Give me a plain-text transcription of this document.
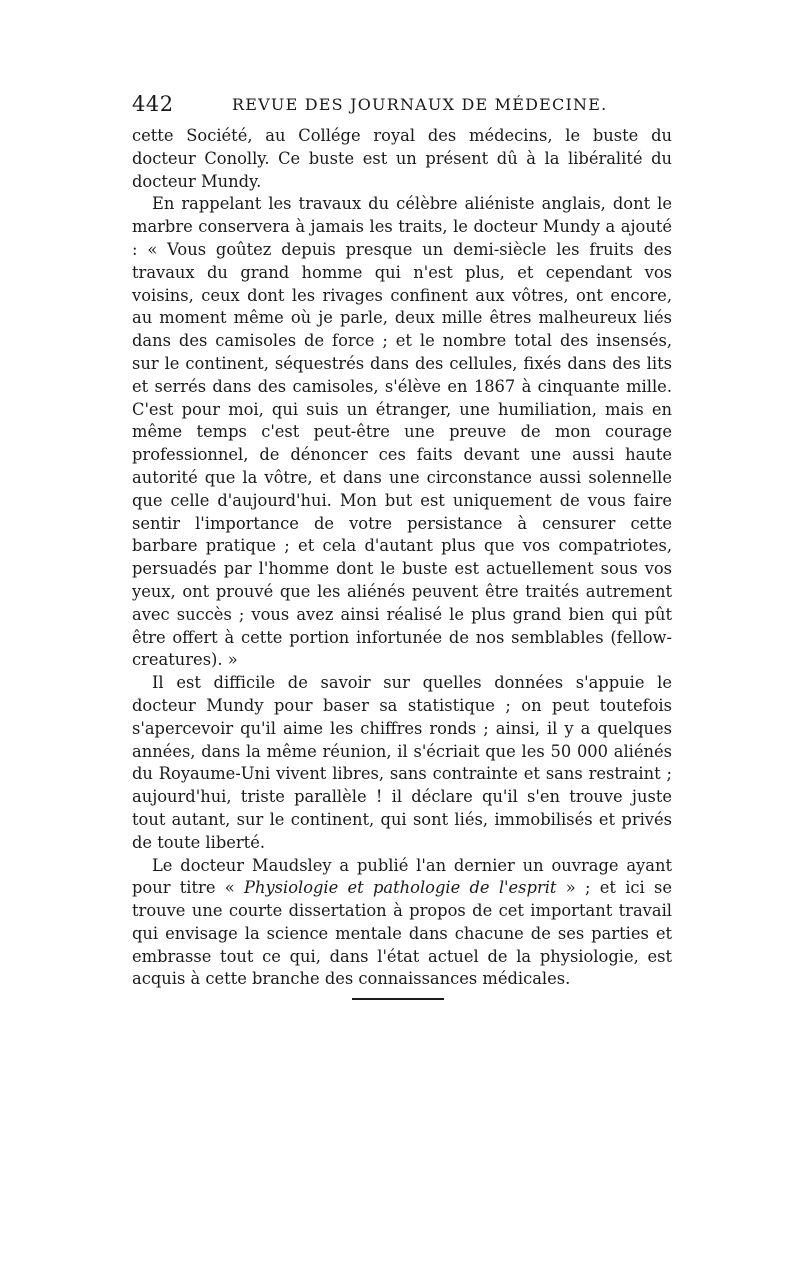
442	REVUE DES JOURNAUX DE MÉDECINE.

cette Société, au Collége royal des médecins, le buste du docteur Conolly. Ce buste est un présent dû à la libéralité du docteur Mundy.

En rappelant les travaux du célèbre aliéniste anglais, dont le marbre conservera à jamais les traits, le docteur Mundy a ajouté : « Vous goûtez depuis presque un demi-siècle les fruits des travaux du grand homme qui n'est plus, et cependant vos voisins, ceux dont les rivages confinent aux vôtres, ont encore, au moment même où je parle, deux mille êtres malheureux liés dans des camisoles de force ; et le nombre total des insensés, sur le continent, séquestrés dans des cellules, fixés dans des lits et serrés dans des camisoles, s'élève en 1867 à cinquante mille. C'est pour moi, qui suis un étranger, une humiliation, mais en même temps c'est peut-être une preuve de mon courage professionnel, de dénoncer ces faits devant une aussi haute autorité que la vôtre, et dans une circonstance aussi solennelle que celle d'aujourd'hui. Mon but est uniquement de vous faire sentir l'importance de votre persistance à censurer cette barbare pratique ; et cela d'autant plus que vos compatriotes, persuadés par l'homme dont le buste est actuellement sous vos yeux, ont prouvé que les aliénés peuvent être traités autrement avec succès ; vous avez ainsi réalisé le plus grand bien qui pût être offert à cette portion infortunée de nos semblables (fellow-creatures). »

Il est difficile de savoir sur quelles données s'appuie le docteur Mundy pour baser sa statistique ; on peut toutefois s'apercevoir qu'il aime les chiffres ronds ; ainsi, il y a quelques années, dans la même réunion, il s'écriait que les 50 000 aliénés du Royaume-Uni vivent libres, sans contrainte et sans restraint ; aujourd'hui, triste parallèle ! il déclare qu'il s'en trouve juste tout autant, sur le continent, qui sont liés, immobilisés et privés de toute liberté.

Le docteur Maudsley a publié l'an dernier un ouvrage ayant pour titre « Physiologie et pathologie de l'esprit » ; et ici se trouve une courte dissertation à propos de cet important travail qui envisage la science mentale dans chacune de ses parties et embrasse tout ce qui, dans l'état actuel de la physiologie, est acquis à cette branche des connaissances médicales.
